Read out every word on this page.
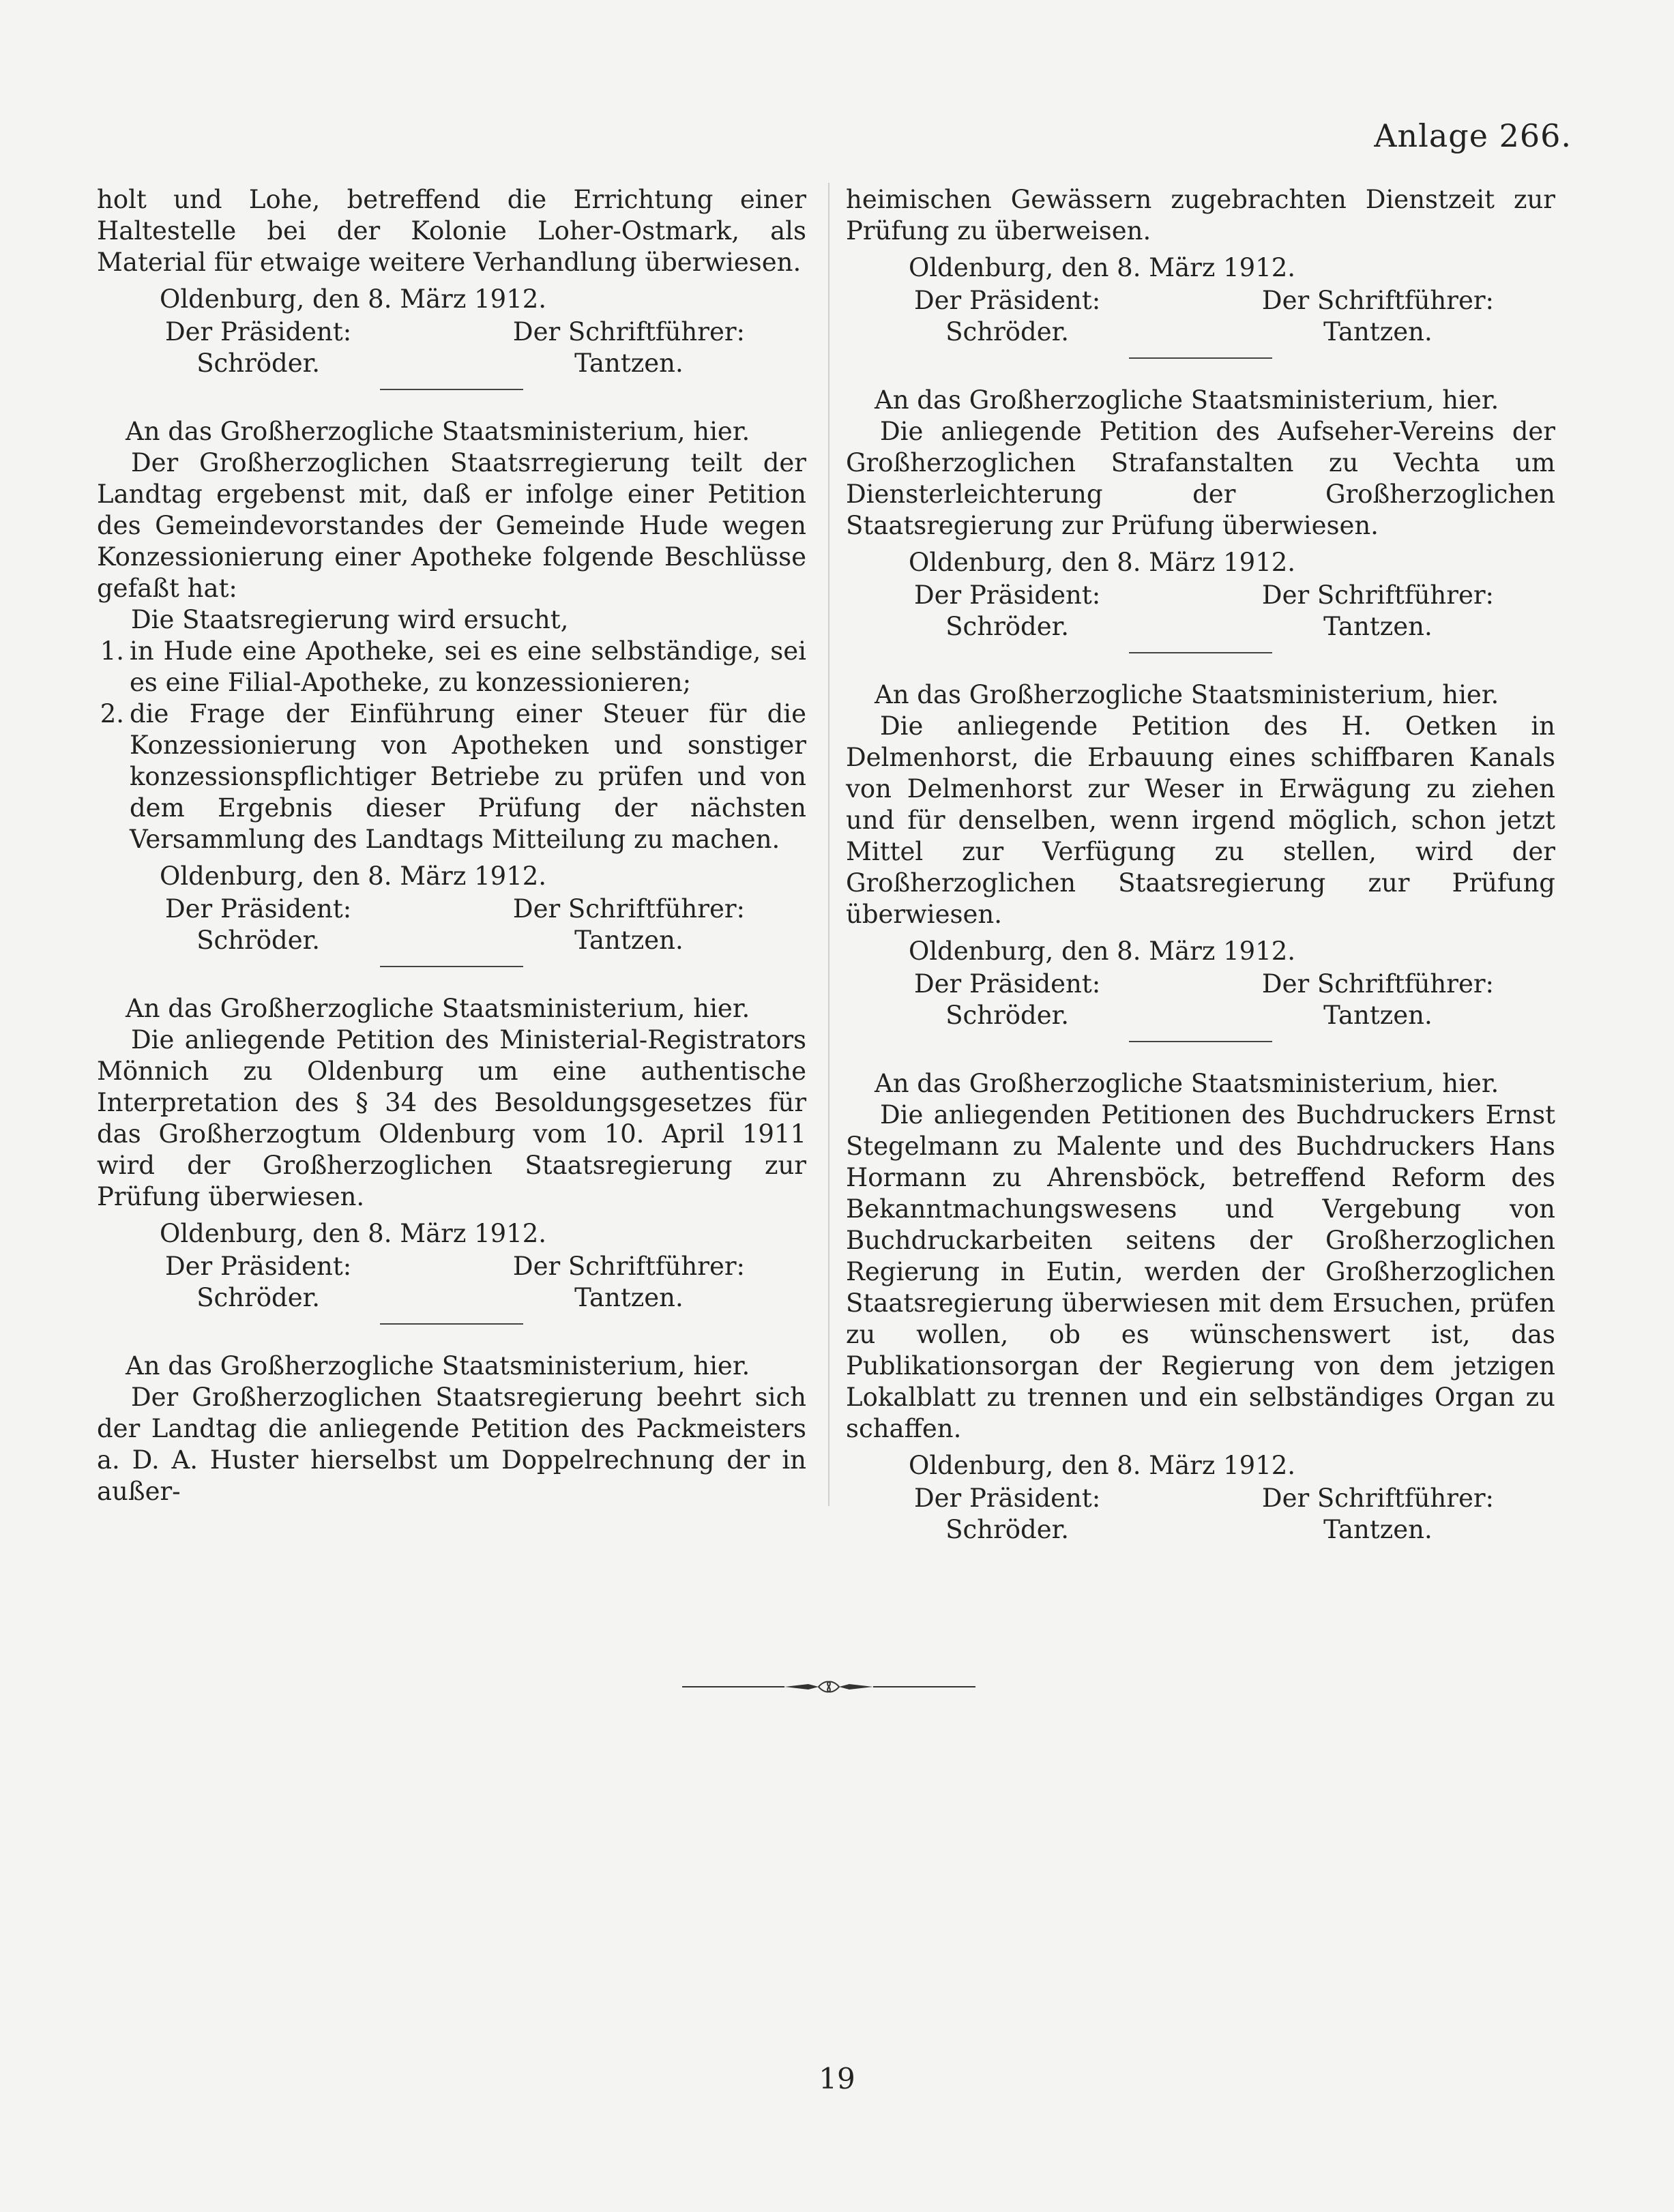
Anlage 266.

holt und Lohe, betreffend die Errichtung einer Haltestelle bei der Kolonie Loher-Ostmark, als Material für etwaige weitere Verhandlung überwiesen.

Oldenburg, den 8. März 1912.
Der Präsident:
Schröder.
Der Schriftführer:
Tantzen.
An das Großherzogliche Staatsministerium, hier.

Der Großherzoglichen Staatsrregierung teilt der Landtag ergebenst mit, daß er infolge einer Petition des Gemeindevorstandes der Gemeinde Hude wegen Konzessionierung einer Apotheke folgende Beschlüsse gefaßt hat:

Die Staatsregierung wird ersucht,
1. in Hude eine Apotheke, sei es eine selbständige, sei es eine Filial-Apotheke, zu konzessionieren;
2. die Frage der Einführung einer Steuer für die Konzessionierung von Apotheken und sonstiger konzessionspflichtiger Betriebe zu prüfen und von dem Ergebnis dieser Prüfung der nächsten Versammlung des Landtags Mitteilung zu machen.
Oldenburg, den 8. März 1912.
Der Präsident:
Schröder.
Der Schriftführer:
Tantzen.
An das Großherzogliche Staatsministerium, hier.

Die anliegende Petition des Ministerial-Registrators Mönnich zu Oldenburg um eine authentische Interpretation des § 34 des Besoldungsgesetzes für das Großherzogtum Oldenburg vom 10. April 1911 wird der Großherzoglichen Staatsregierung zur Prüfung überwiesen.

Oldenburg, den 8. März 1912.
Der Präsident:
Schröder.
Der Schriftführer:
Tantzen.
An das Großherzogliche Staatsministerium, hier.

Der Großherzoglichen Staatsregierung beehrt sich der Landtag die anliegende Petition des Packmeisters a. D. A. Huster hierselbst um Doppelrechnung der in außer-

heimischen Gewässern zugebrachten Dienstzeit zur Prüfung zu überweisen.

Oldenburg, den 8. März 1912.
Der Präsident:
Schröder.
Der Schriftführer:
Tantzen.
An das Großherzogliche Staatsministerium, hier.

Die anliegende Petition des Aufseher-Vereins der Großherzoglichen Strafanstalten zu Vechta um Diensterleichterung der Großherzoglichen Staatsregierung zur Prüfung überwiesen.

Oldenburg, den 8. März 1912.
Der Präsident:
Schröder.
Der Schriftführer:
Tantzen.
An das Großherzogliche Staatsministerium, hier.

Die anliegende Petition des H. Oetken in Delmenhorst, die Erbauung eines schiffbaren Kanals von Delmenhorst zur Weser in Erwägung zu ziehen und für denselben, wenn irgend möglich, schon jetzt Mittel zur Verfügung zu stellen, wird der Großherzoglichen Staatsregierung zur Prüfung überwiesen.

Oldenburg, den 8. März 1912.
Der Präsident:
Schröder.
Der Schriftführer:
Tantzen.
An das Großherzogliche Staatsministerium, hier.

Die anliegenden Petitionen des Buchdruckers Ernst Stegelmann zu Malente und des Buchdruckers Hans Hormann zu Ahrensböck, betreffend Reform des Bekanntmachungswesens und Vergebung von Buchdruckarbeiten seitens der Großherzoglichen Regierung in Eutin, werden der Großherzoglichen Staatsregierung überwiesen mit dem Ersuchen, prüfen zu wollen, ob es wünschenswert ist, das Publikationsorgan der Regierung von dem jetzigen Lokalblatt zu trennen und ein selbständiges Organ zu schaffen.

Oldenburg, den 8. März 1912.
Der Präsident:
Schröder.
Der Schriftführer:
Tantzen.
19
